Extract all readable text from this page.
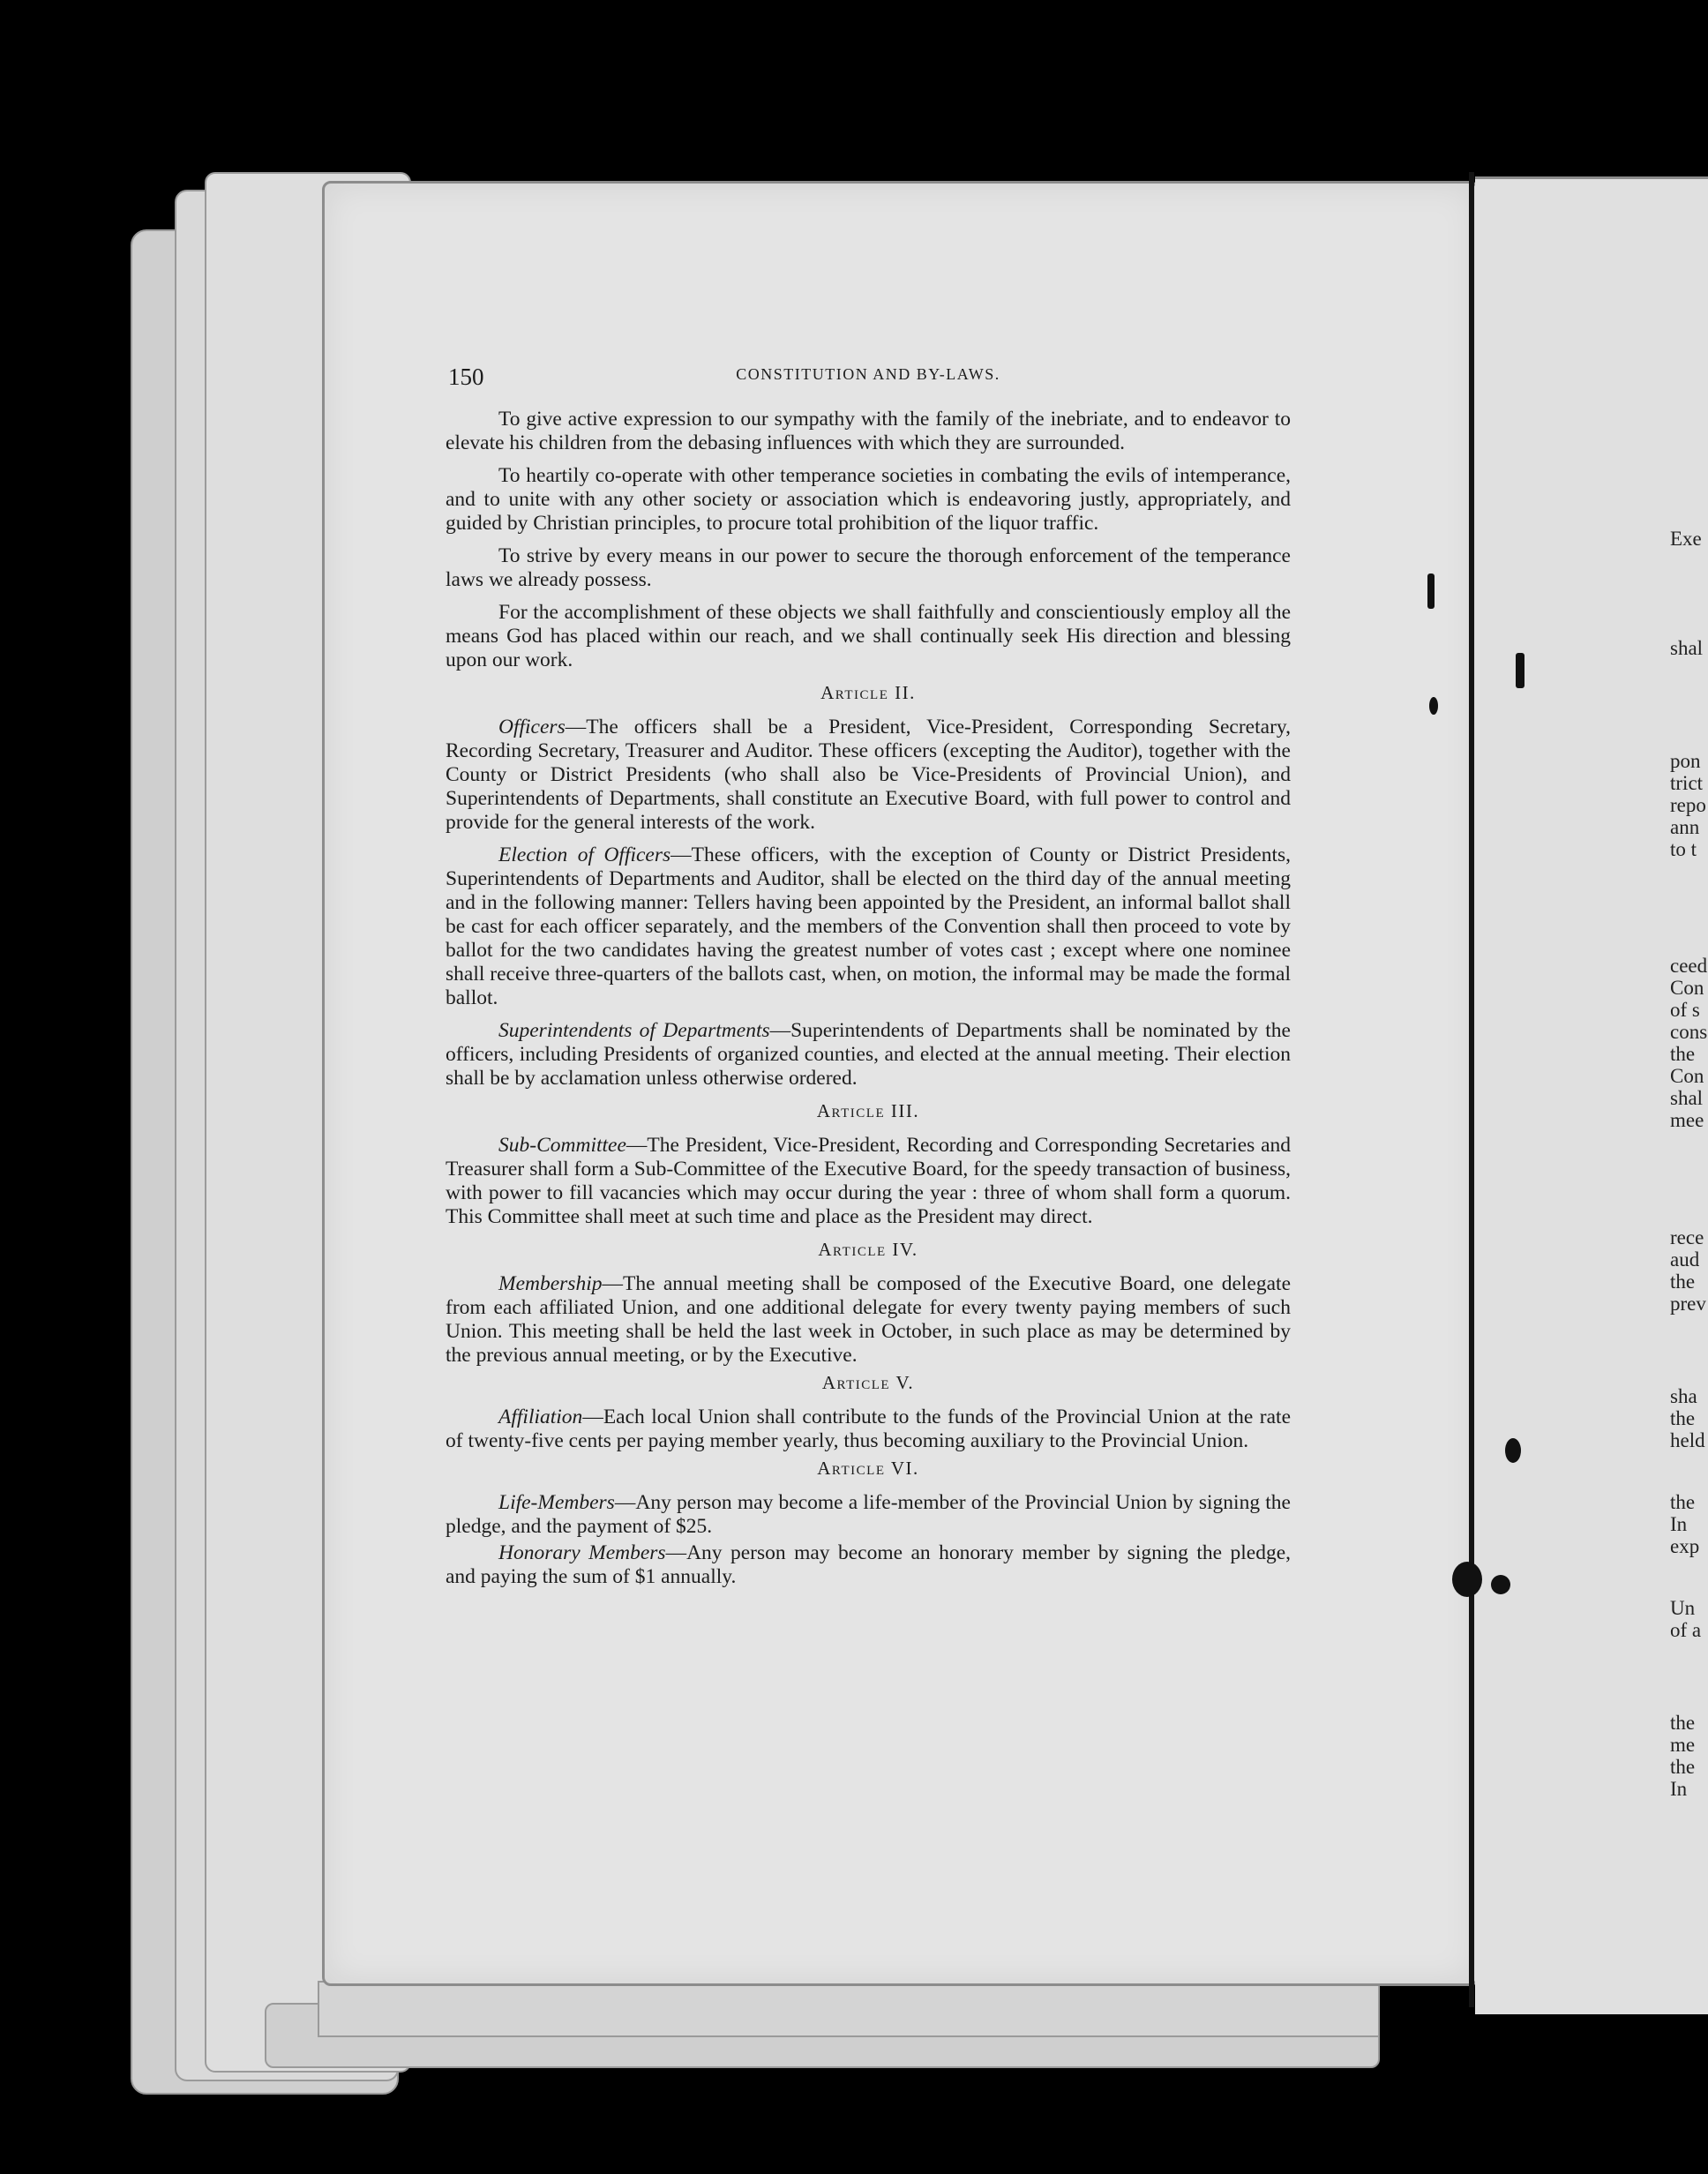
Exe
shal
pon
trict
repo
ann
to t
ceed
Con
of s
cons
the
Con
shal
mee
rece
aud
the
prev
sha
the
held
the
In
exp
Un
of a
the
me
the
In
150	CONSTITUTION AND BY-LAWS.

To give active expression to our sympathy with the family of the inebriate, and to endeavor to elevate his children from the debasing influences with which they are surrounded.

To heartily co-operate with other temperance societies in combating the evils of intemperance, and to unite with any other society or association which is endeavoring justly, appropriately, and guided by Christian principles, to procure total prohibition of the liquor traffic.

To strive by every means in our power to secure the thorough enforcement of the temperance laws we already possess.

For the accomplishment of these objects we shall faithfully and conscientiously employ all the means God has placed within our reach, and we shall continually seek His direction and blessing upon our work.

Article II.

Officers—The officers shall be a President, Vice-President, Corresponding Secretary, Recording Secretary, Treasurer and Auditor. These officers (excepting the Auditor), together with the County or District Presidents (who shall also be Vice-Presidents of Provincial Union), and Superintendents of Departments, shall constitute an Executive Board, with full power to control and provide for the general interests of the work.

Election of Officers—These officers, with the exception of County or District Presidents, Superintendents of Departments and Auditor, shall be elected on the third day of the annual meeting and in the following manner: Tellers having been appointed by the President, an informal ballot shall be cast for each officer separately, and the members of the Convention shall then proceed to vote by ballot for the two candidates having the greatest number of votes cast ; except where one nominee shall receive three-quarters of the ballots cast, when, on motion, the informal may be made the formal ballot.

Superintendents of Departments—Superintendents of Departments shall be nominated by the officers, including Presidents of organized counties, and elected at the annual meeting. Their election shall be by acclamation unless otherwise ordered.

Article III.

Sub-Committee—The President, Vice-President, Recording and Corresponding Secretaries and Treasurer shall form a Sub-Committee of the Executive Board, for the speedy transaction of business, with power to fill vacancies which may occur during the year : three of whom shall form a quorum. This Committee shall meet at such time and place as the President may direct.

Article IV.

Membership—The annual meeting shall be composed of the Executive Board, one delegate from each affiliated Union, and one additional delegate for every twenty paying members of such Union. This meeting shall be held the last week in October, in such place as may be determined by the previous annual meeting, or by the Executive.

Article V.

Affiliation—Each local Union shall contribute to the funds of the Provincial Union at the rate of twenty-five cents per paying member yearly, thus becoming auxiliary to the Provincial Union.

Article VI.

Life-Members—Any person may become a life-member of the Provincial Union by signing the pledge, and the payment of $25.

Honorary Members—Any person may become an honorary member by signing the pledge, and paying the sum of $1 annually.
